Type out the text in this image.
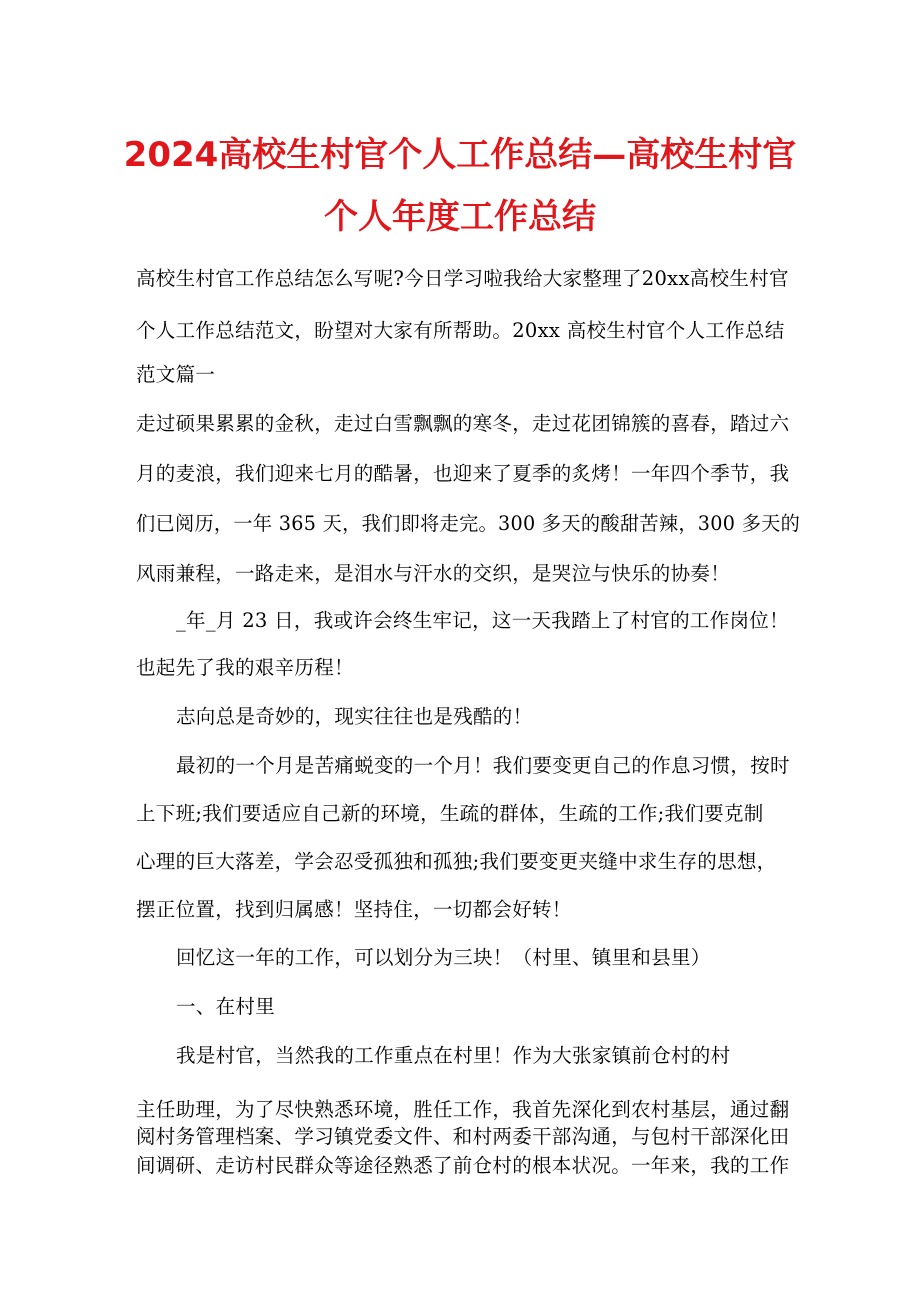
2024高校生村官个人工作总结—高校生村官
个人年度工作总结
高校生村官工作总结怎么写呢?今日学习啦我给大家整理了20xx高校生村官
个人工作总结范文，盼望对大家有所帮助。20xx 高校生村官个人工作总结
范文篇一
走过硕果累累的金秋，走过白雪飘飘的寒冬，走过花团锦簇的喜春，踏过六
月的麦浪，我们迎来七月的酷暑，也迎来了夏季的炙烤！一年四个季节，我
们已阅历，一年 365 天，我们即将走完。300 多天的酸甜苦辣，300 多天的
风雨兼程，一路走来，是泪水与汗水的交织，是哭泣与快乐的协奏！
_年_月 23 日，我或许会终生牢记，这一天我踏上了村官的工作岗位！
也起先了我的艰辛历程！
志向总是奇妙的，现实往往也是残酷的！
最初的一个月是苦痛蜕变的一个月！我们要变更自己的作息习惯，按时
上下班;我们要适应自己新的环境，生疏的群体，生疏的工作;我们要克制
心理的巨大落差，学会忍受孤独和孤独;我们要变更夹缝中求生存的思想，
摆正位置，找到归属感！坚持住，一切都会好转！
回忆这一年的工作，可以划分为三块！（村里、镇里和县里）
一、在村里
我是村官，当然我的工作重点在村里！作为大张家镇前仓村的村
主任助理，为了尽快熟悉环境，胜任工作，我首先深化到农村基层，通过翻
阅村务管理档案、学习镇党委文件、和村两委干部沟通，与包村干部深化田
间调研、走访村民群众等途径熟悉了前仓村的根本状况。一年来，我的工作
